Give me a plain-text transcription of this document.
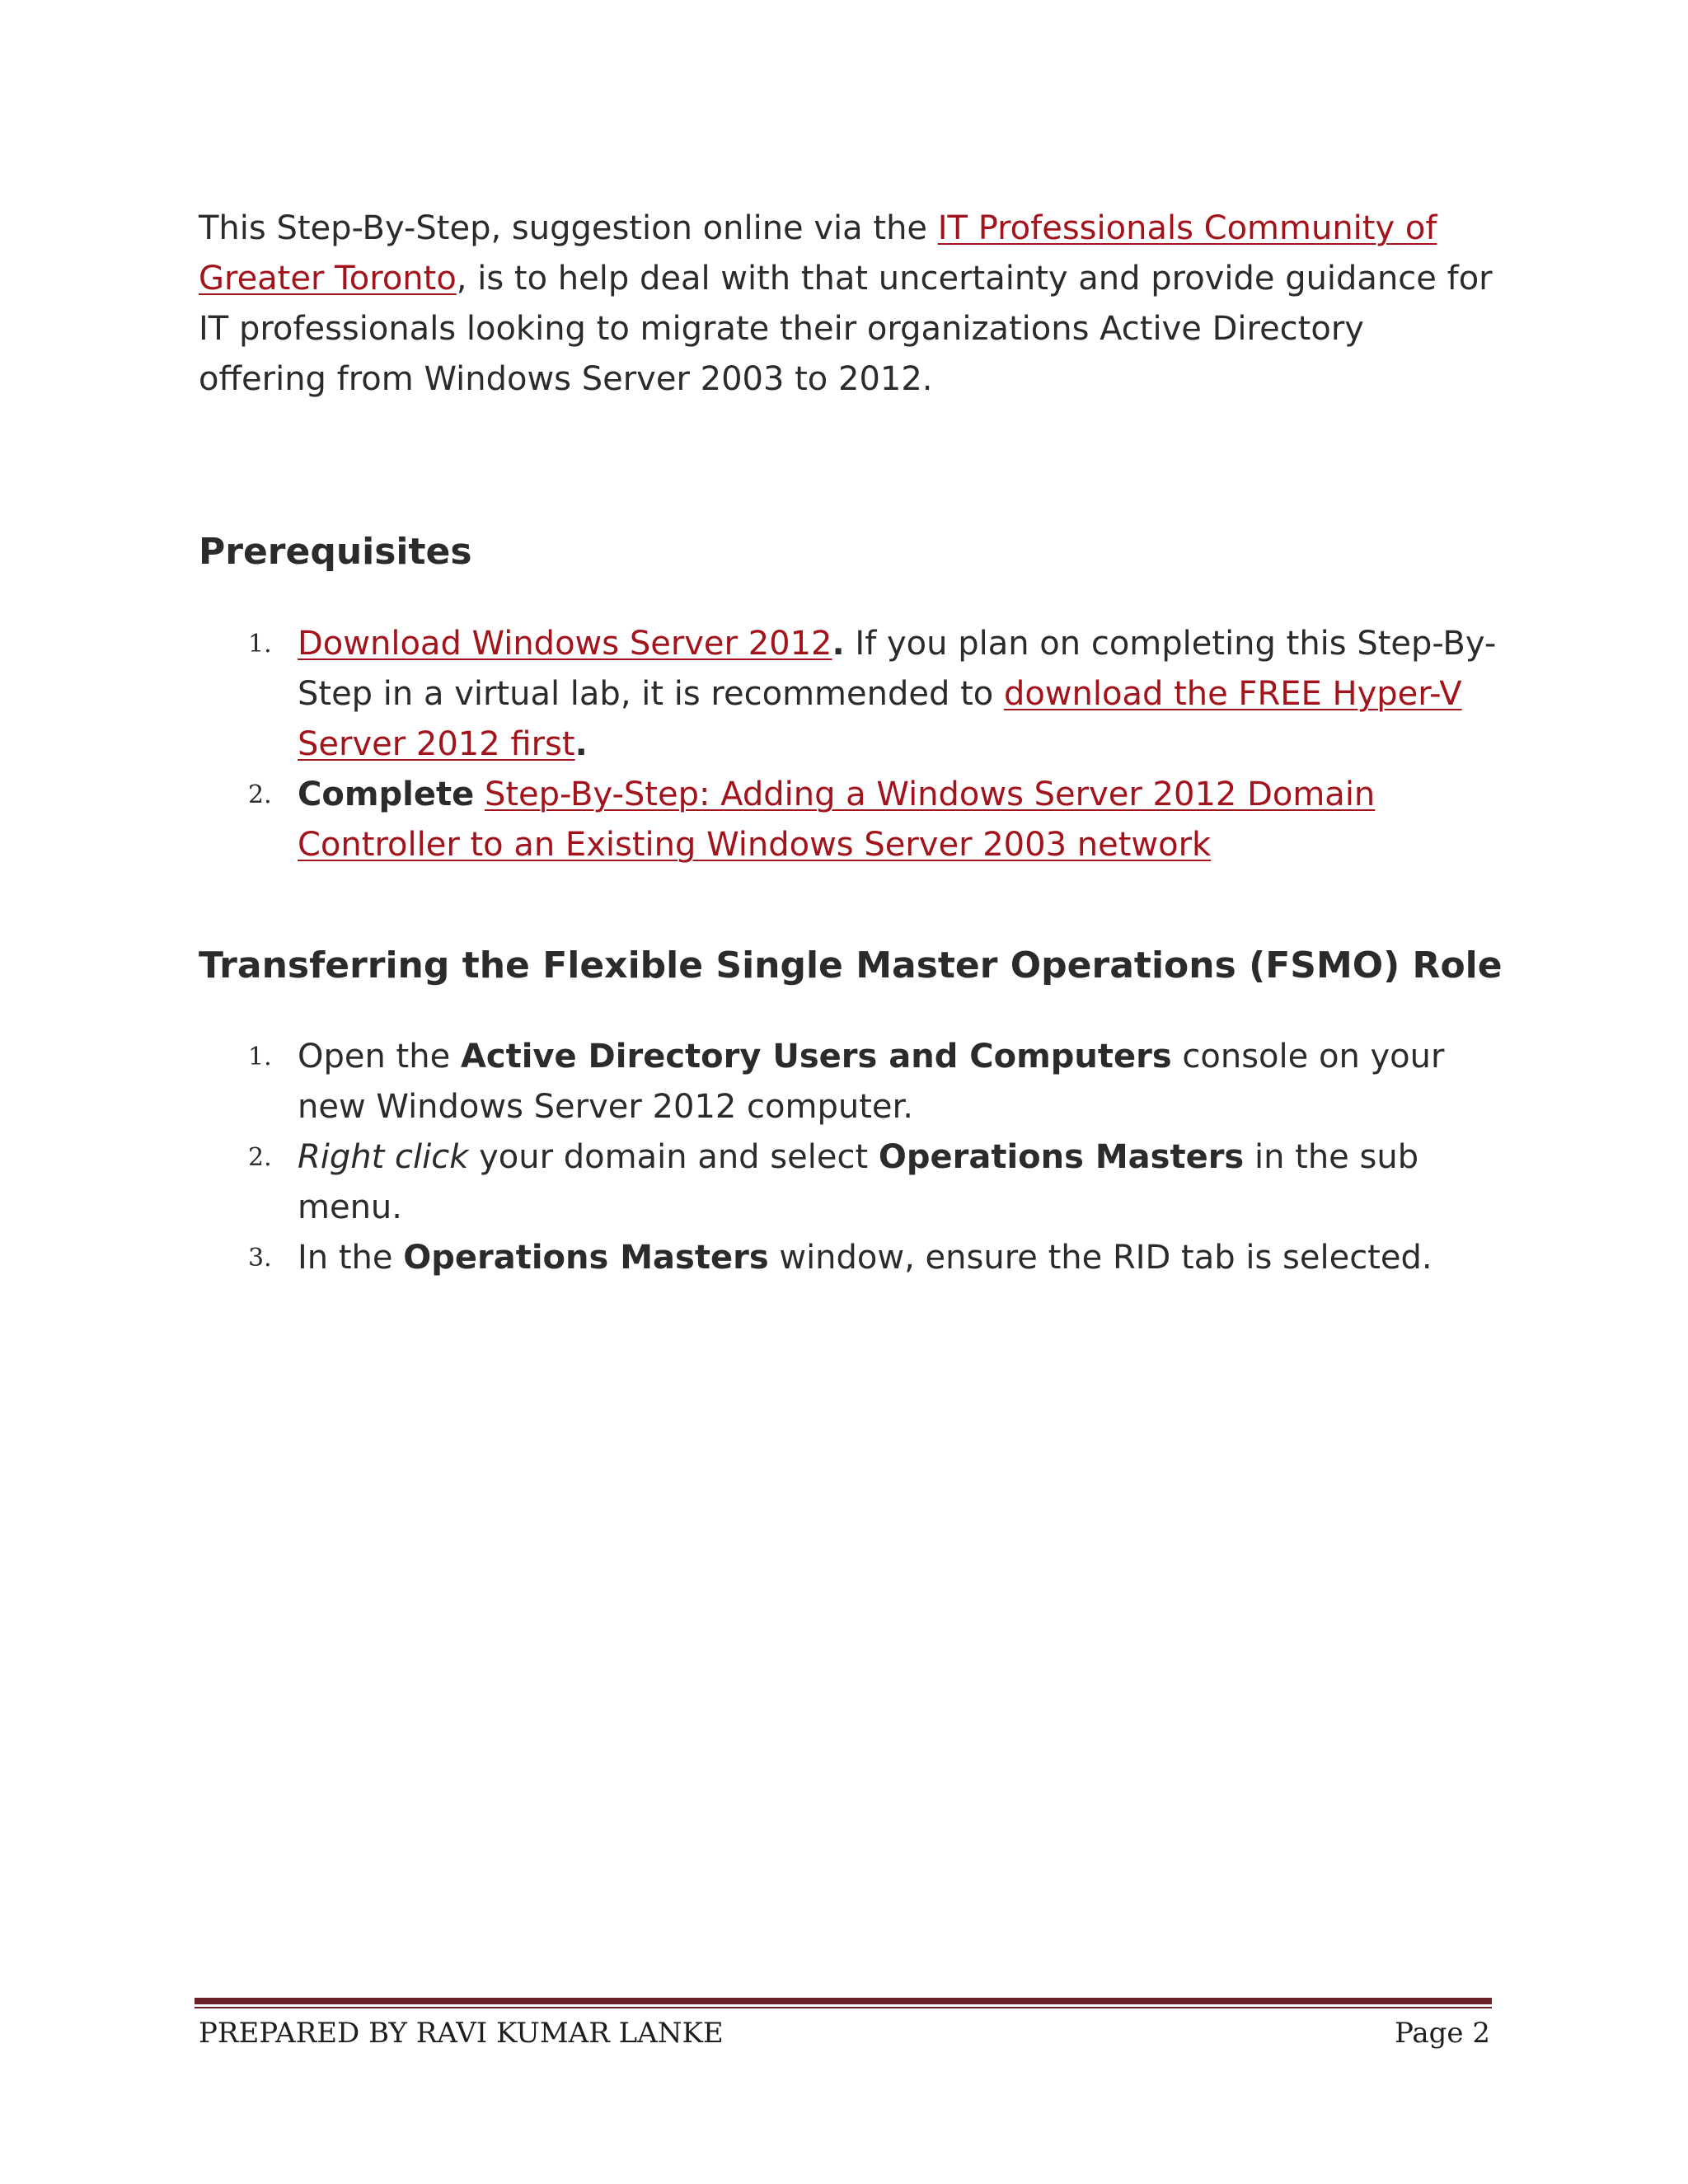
This Step-By-Step, suggestion online via the IT Professionals Community of Greater Toronto, is to help deal with that uncertainty and provide guidance for IT professionals looking to migrate their organizations Active Directory offering from Windows Server 2003 to 2012.

Prerequisites
1. Download Windows Server 2012. If you plan on completing this Step-By-Step in a virtual lab, it is recommended to download the FREE Hyper-V Server 2012 first.
2. Complete Step-By-Step: Adding a Windows Server 2012 Domain Controller to an Existing Windows Server 2003 network
Transferring the Flexible Single Master Operations (FSMO) Role
1. Open the Active Directory Users and Computers console on your new Windows Server 2012 computer.
2. Right click your domain and select Operations Masters in the sub menu.
3. In the Operations Masters window, ensure the RID tab is selected.
PREPARED BY RAVI KUMAR LANKE	Page 2
